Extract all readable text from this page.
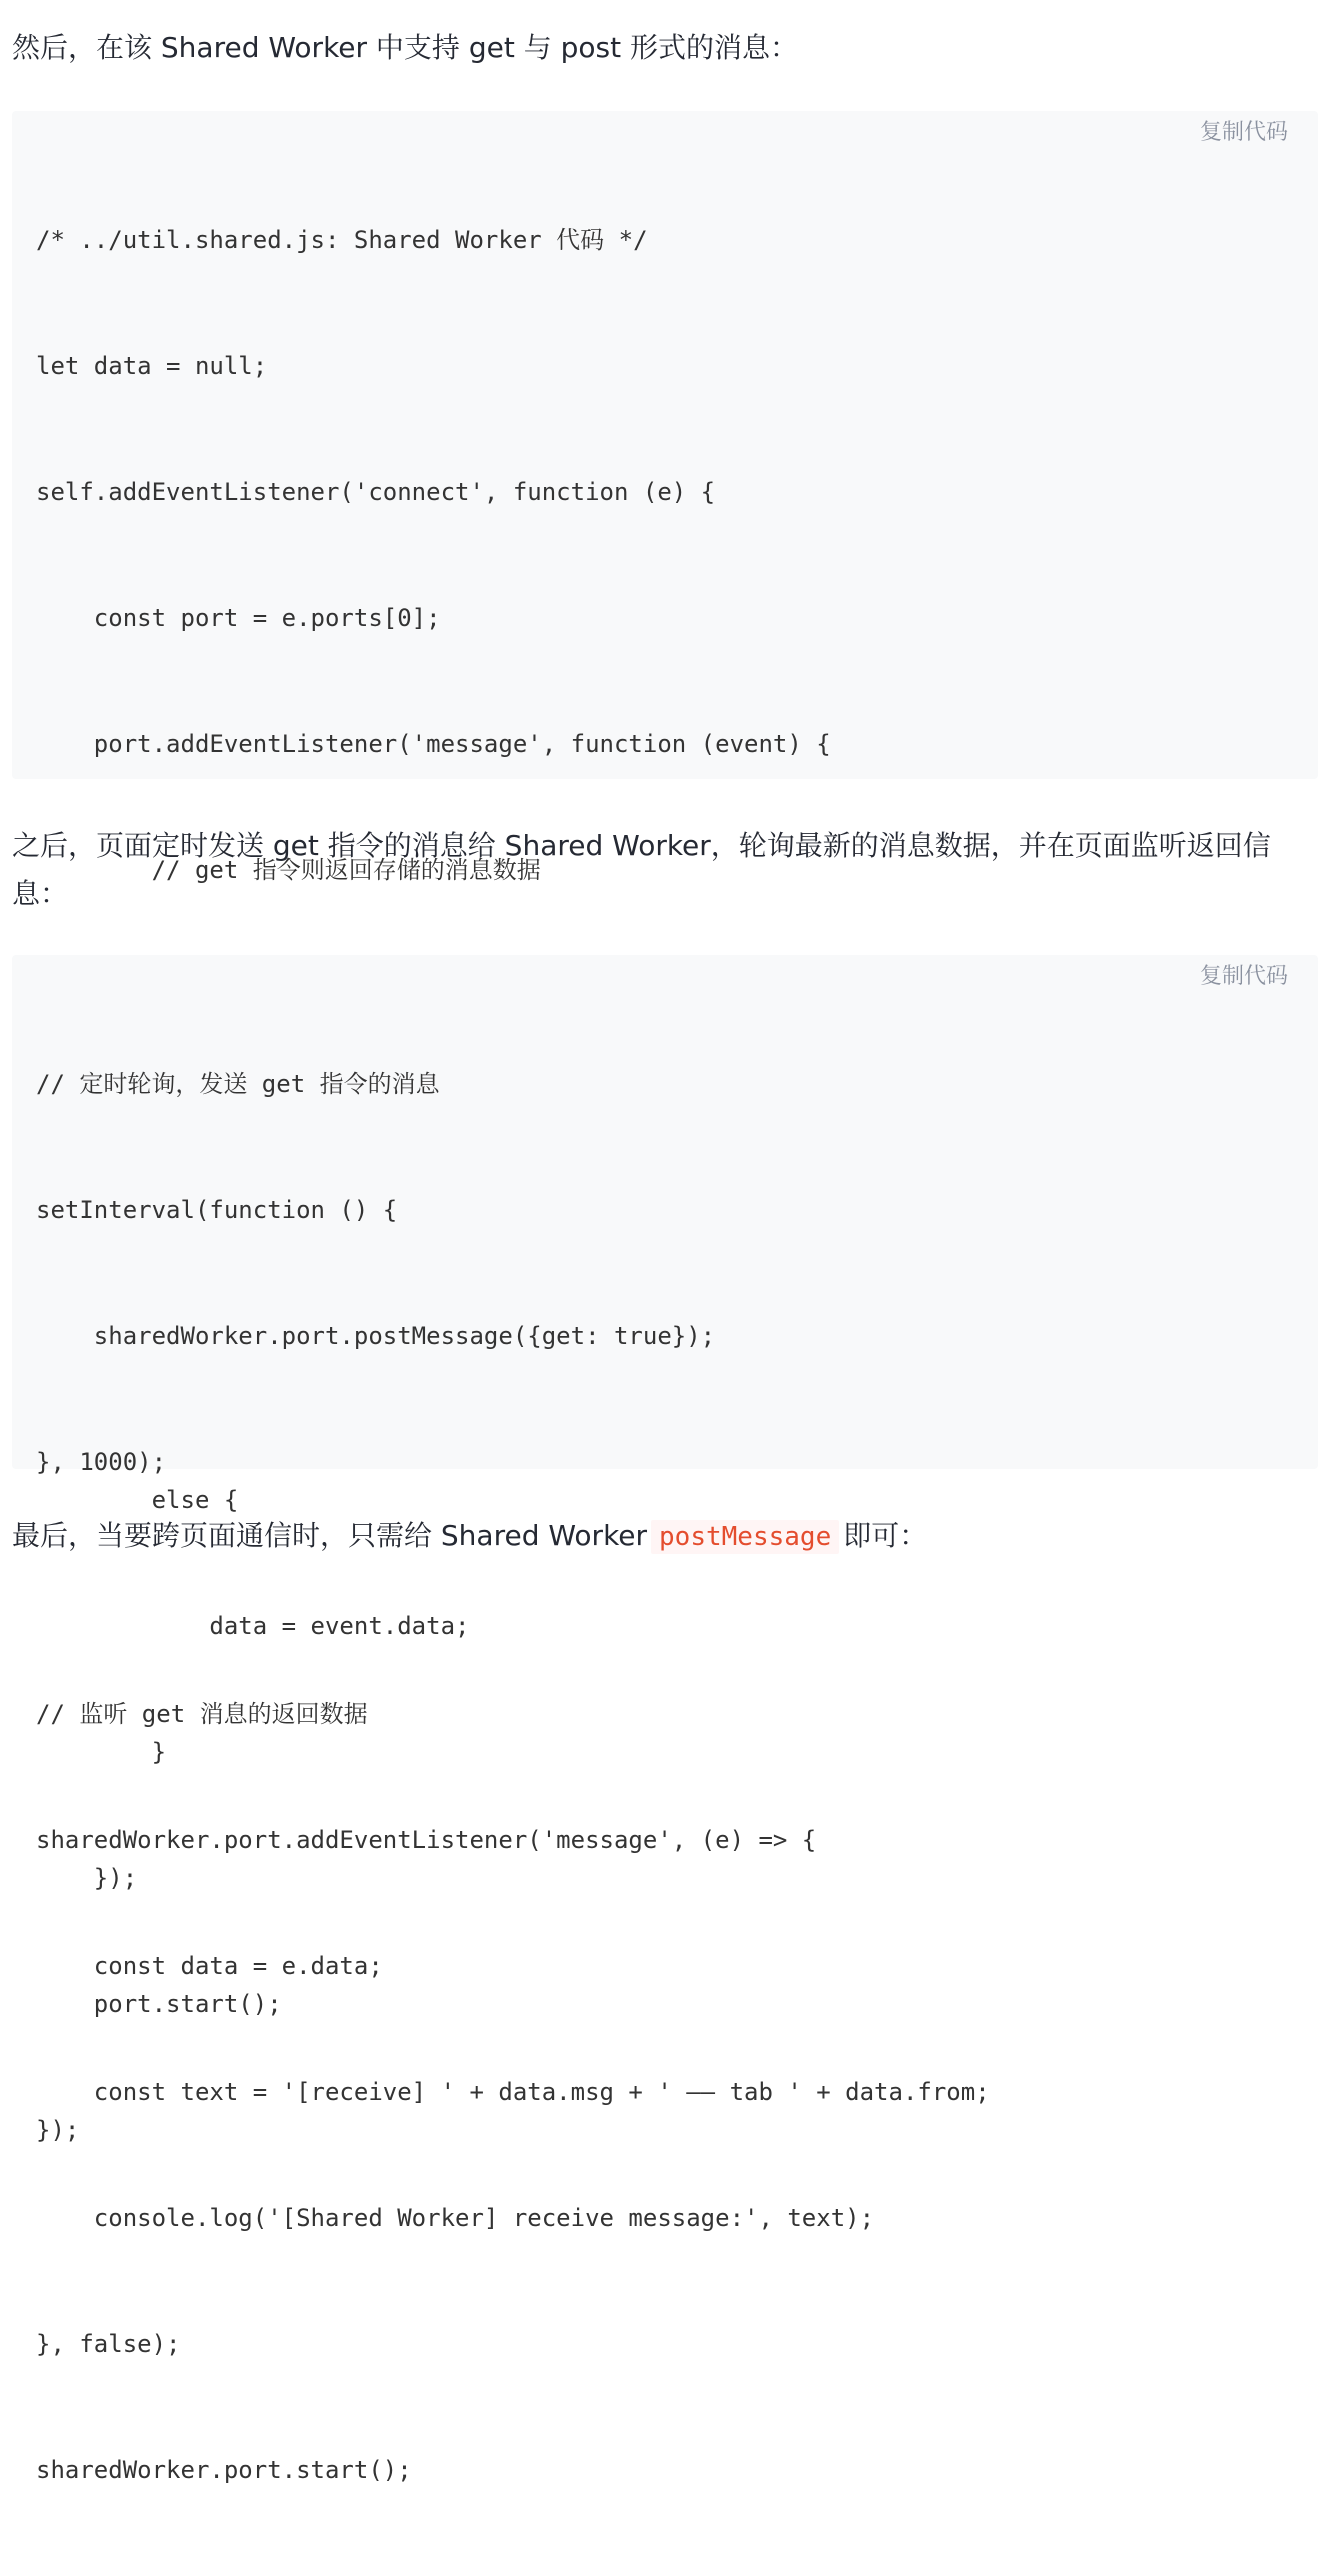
然后，在该 Shared Worker 中支持 get 与 post 形式的消息：

复制代码

/* ../util.shared.js: Shared Worker 代码 */

let data = null;

self.addEventListener('connect', function (e) {

const port = e.ports[0];

port.addEventListener('message', function (event) {

// get 指令则返回存储的消息数据

else {

data = event.data;

}

});

port.start();

});

之后，页面定时发送 get 指令的消息给 Shared Worker，轮询最新的消息数据，并在页面监听返回信息：

复制代码

// 定时轮询，发送 get 指令的消息

setInterval(function () {

sharedWorker.port.postMessage({get: true});

}, 1000);

// 监听 get 消息的返回数据

sharedWorker.port.addEventListener('message', (e) => {

const data = e.data;

const text = '[receive] ' + data.msg + ' —— tab ' + data.from;

console.log('[Shared Worker] receive message:', text);

}, false);

sharedWorker.port.start();

最后，当要跨页面通信时，只需给 Shared Worker postMessage 即可：
